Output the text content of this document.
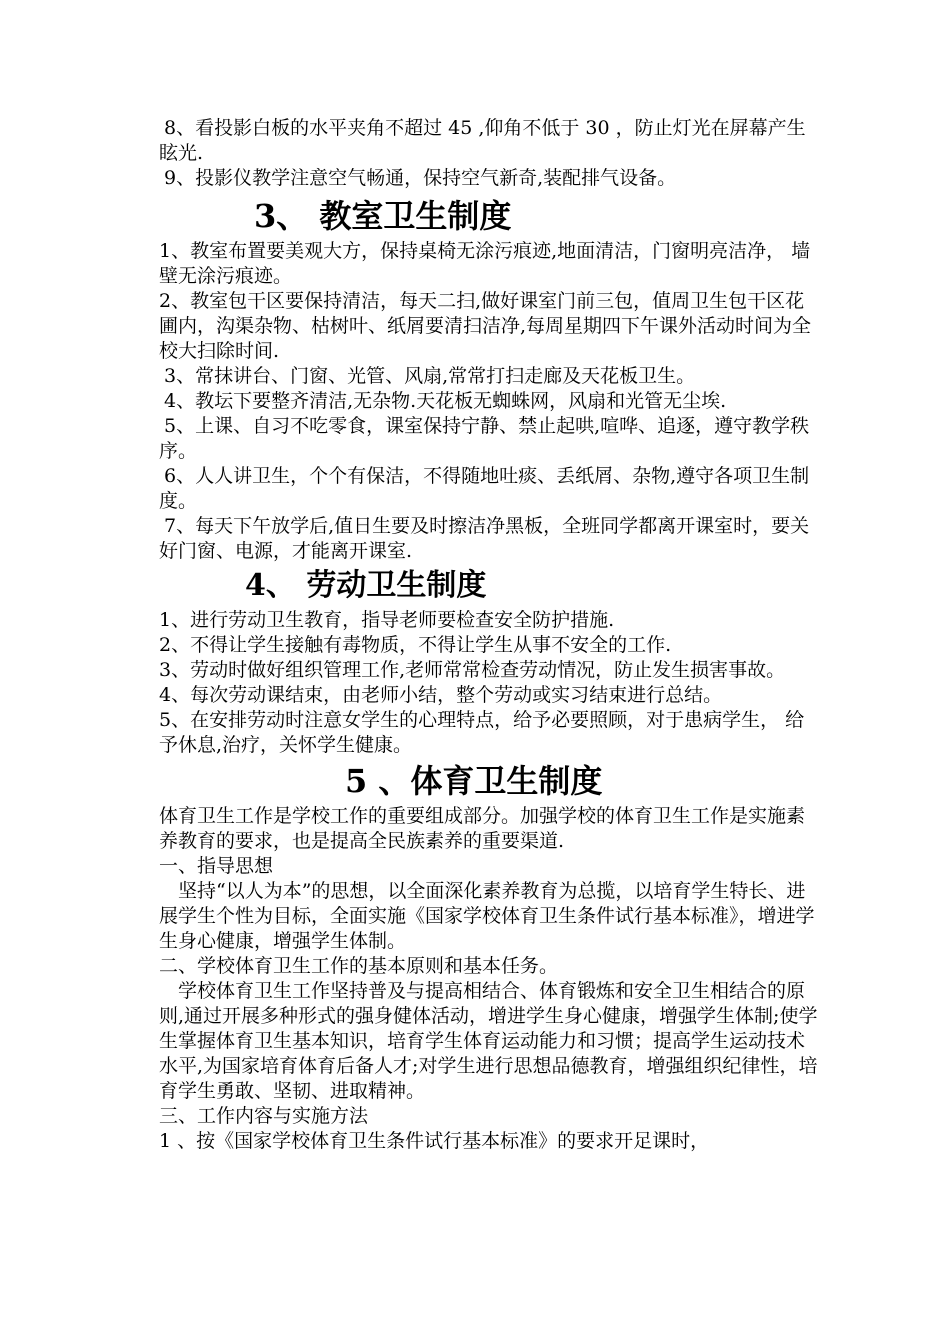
8、看投影白板的水平夹角不超过 45 ,仰角不低于 30 ，防止灯光在屏幕产生眩光.

9、投影仪教学注意空气畅通，保持空气新奇,装配排气设备。

3、 教室卫生制度

1、教室布置要美观大方，保持桌椅无涂污痕迹,地面清洁，门窗明亮洁净， 墙壁无涂污痕迹。

2、教室包干区要保持清洁，每天二扫,做好课室门前三包，值周卫生包干区花圃内，沟渠杂物、枯树叶、纸屑要清扫洁净,每周星期四下午课外活动时间为全校大扫除时间.

3、常抹讲台、门窗、光管、风扇,常常打扫走廊及天花板卫生。

4、教坛下要整齐清洁,无杂物.天花板无蜘蛛网，风扇和光管无尘埃.

5、上课、自习不吃零食，课室保持宁静、禁止起哄,喧哗、追逐，遵守教学秩序。

6、人人讲卫生，个个有保洁，不得随地吐痰、丢纸屑、杂物,遵守各项卫生制度。

7、每天下午放学后,值日生要及时擦洁净黑板，全班同学都离开课室时，要关好门窗、电源，才能离开课室.

4、 劳动卫生制度

1、进行劳动卫生教育，指导老师要检查安全防护措施.

2、不得让学生接触有毒物质，不得让学生从事不安全的工作.

3、劳动时做好组织管理工作,老师常常检查劳动情况，防止发生损害事故。

4、每次劳动课结束，由老师小结，整个劳动或实习结束进行总结。

5、在安排劳动时注意女学生的心理特点，给予必要照顾，对于患病学生， 给予休息,治疗，关怀学生健康。

5 、体育卫生制度

体育卫生工作是学校工作的重要组成部分。加强学校的体育卫生工作是实施素养教育的要求，也是提高全民族素养的重要渠道.

一、指导思想

坚持“以人为本”的思想，以全面深化素养教育为总揽，以培育学生特长、进展学生个性为目标，全面实施《国家学校体育卫生条件试行基本标准》，增进学生身心健康，增强学生体制。

二、学校体育卫生工作的基本原则和基本任务。

学校体育卫生工作坚持普及与提高相结合、体育锻炼和安全卫生相结合的原则,通过开展多种形式的强身健体活动，增进学生身心健康，增强学生体制;使学生掌握体育卫生基本知识，培育学生体育运动能力和习惯；提高学生运动技术水平,为国家培育体育后备人才;对学生进行思想品德教育，增强组织纪律性，培育学生勇敢、坚韧、进取精神。

三、工作内容与实施方法

1 、按《国家学校体育卫生条件试行基本标准》的要求开足课时，
